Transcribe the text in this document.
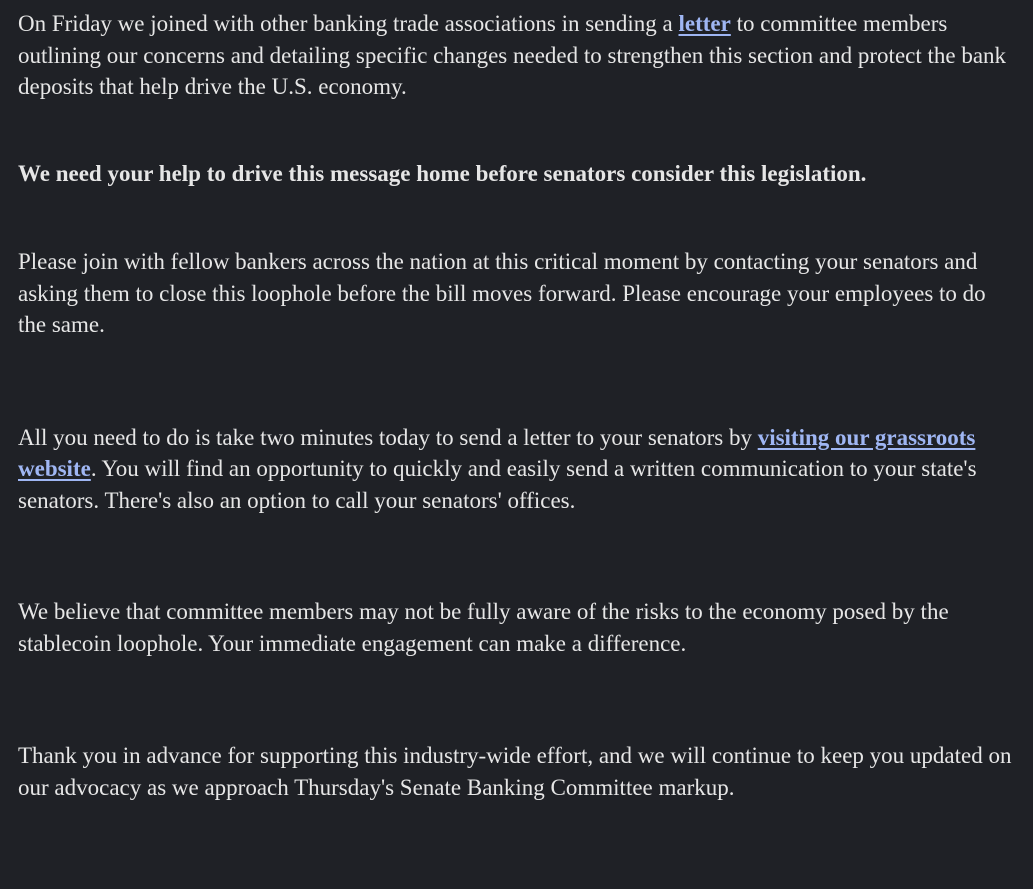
On Friday we joined with other banking trade associations in sending a letter to committee members outlining our concerns and detailing specific changes needed to strengthen this section and protect the bank deposits that help drive the U.S. economy.

We need your help to drive this message home before senators consider this legislation.

Please join with fellow bankers across the nation at this critical moment by contacting your senators and asking them to close this loophole before the bill moves forward. Please encourage your employees to do the same.

All you need to do is take two minutes today to send a letter to your senators by visiting our grassroots website. You will find an opportunity to quickly and easily send a written communication to your state's senators. There's also an option to call your senators' offices.

We believe that committee members may not be fully aware of the risks to the economy posed by the stablecoin loophole. Your immediate engagement can make a difference.

Thank you in advance for supporting this industry-wide effort, and we will continue to keep you updated on our advocacy as we approach Thursday's Senate Banking Committee markup.
